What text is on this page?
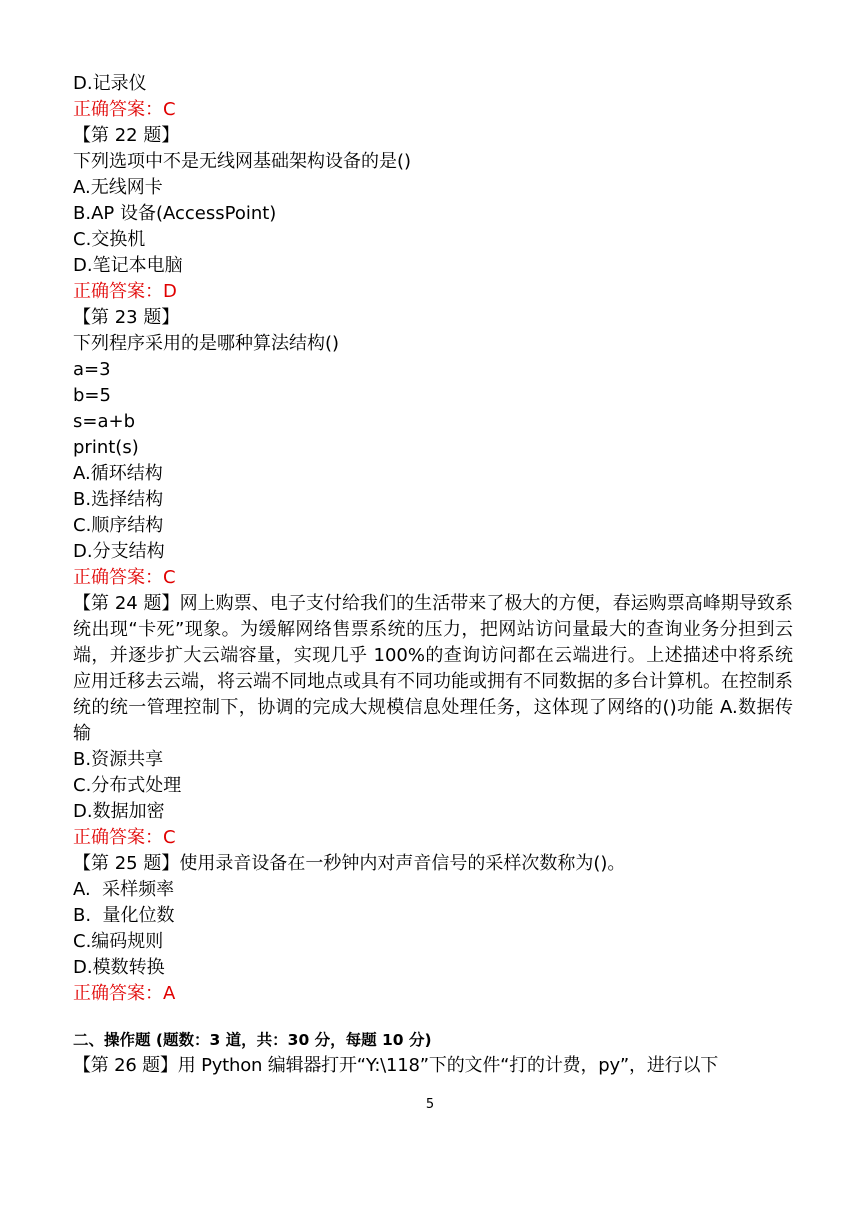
D.记录仪
正确答案：C
【第 22 题】
下列选项中不是无线网基础架构设备的是()
A.无线网卡
B.AP 设备(AccessPoint)
C.交换机
D.笔记本电脑
正确答案：D
【第 23 题】
下列程序采用的是哪种算法结构()
a=3
b=5
s=a+b
print(s)
A.循环结构
B.选择结构
C.顺序结构
D.分支结构
正确答案：C
【第 24 题】网上购票、电子支付给我们的生活带来了极大的方便，春运购票高峰期导致系统出现“卡死”现象。为缓解网络售票系统的压力，把网站访问量最大的查询业务分担到云端，并逐步扩大云端容量，实现几乎 100%的查询访问都在云端进行。上述描述中将系统应用迁移去云端，将云端不同地点或具有不同功能或拥有不同数据的多台计算机。在控制系统的统一管理控制下，协调的完成大规模信息处理任务，这体现了网络的()功能 A.数据传输
B.资源共享
C.分布式处理
D.数据加密
正确答案：C
【第 25 题】使用录音设备在一秒钟内对声音信号的采样次数称为()。
A.  采样频率
B.  量化位数
C.编码规则
D.模数转换
正确答案：A
二、操作题 (题数：3 道，共：30 分，每题 10 分)
【第 26 题】用 Python 编辑器打开“Y:\118”下的文件“打的计费，py”，进行以下
5
